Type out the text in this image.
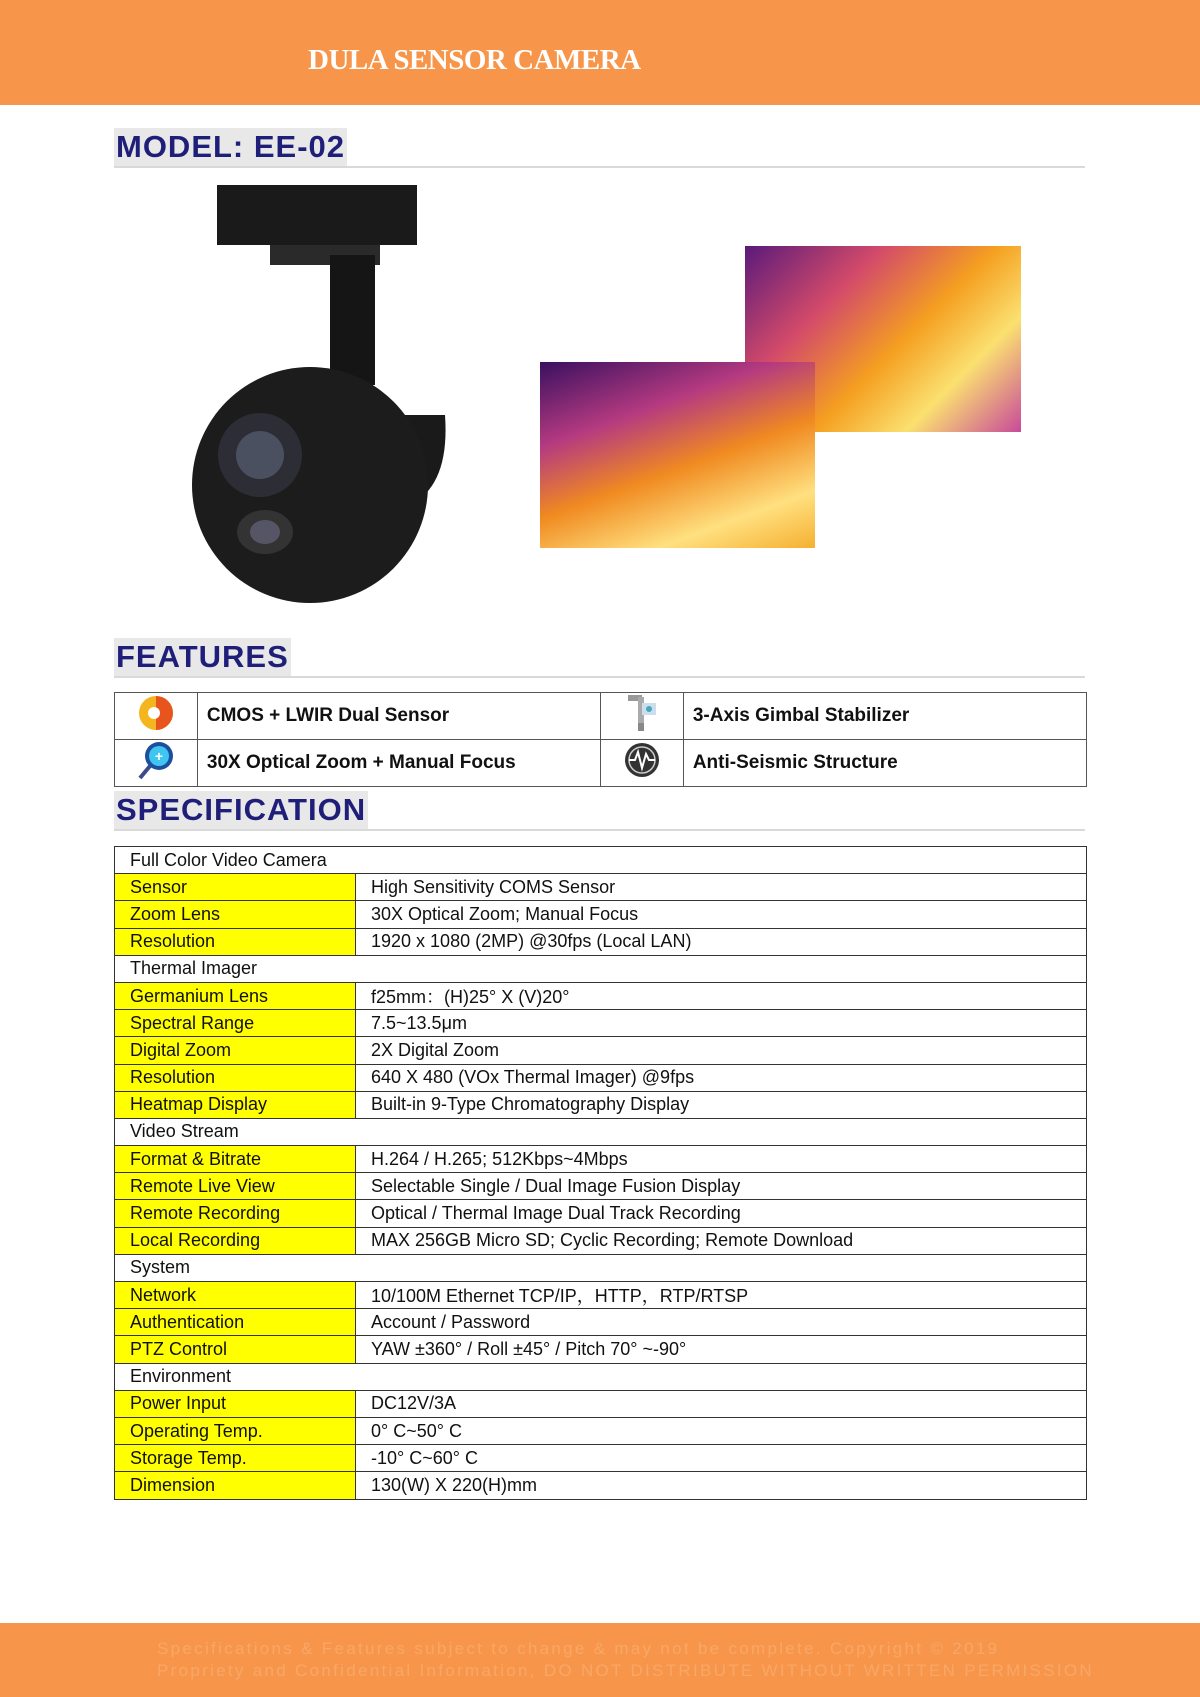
DULA SENSOR CAMERA
MODEL: EE-02
FEATURES
	CMOS + LWIR Dual Sensor		3-Axis Gimbal Stabilizer

+	30X Optical Zoom + Manual Focus		Anti-Seismic Structure
SPECIFICATION
Full Color Video Camera	
Sensor	High Sensitivity COMS Sensor
Zoom Lens	30X Optical Zoom; Manual Focus
Resolution	1920 x 1080 (2MP) @30fps (Local LAN)
Thermal Imager	
Germanium Lens	f25mm：(H)25° X (V)20°
Spectral Range	7.5~13.5μm
Digital Zoom	2X Digital Zoom
Resolution	640 X 480 (VOx Thermal Imager) @9fps
Heatmap Display	Built-in 9-Type Chromatography Display
Video Stream	
Format & Bitrate	H.264 / H.265; 512Kbps~4Mbps
Remote Live View	Selectable Single / Dual Image Fusion Display
Remote Recording	Optical / Thermal Image Dual Track Recording
Local Recording	MAX 256GB Micro SD; Cyclic Recording; Remote Download
System	
Network	10/100M Ethernet TCP/IP，HTTP，RTP/RTSP
Authentication	Account / Password
PTZ Control	YAW ±360° / Roll ±45° / Pitch 70° ~-90°
Environment	
Power Input	DC12V/3A
Operating Temp.	0° C~50° C
Storage Temp.	-10° C~60° C
Dimension	130(W) X 220(H)mm

Specifications & Features subject to change & may not be complete. Copyright © 2019

Propriety and Confidential Information, DO NOT DISTRIBUTE WITHOUT WRITTEN PERMISSION
